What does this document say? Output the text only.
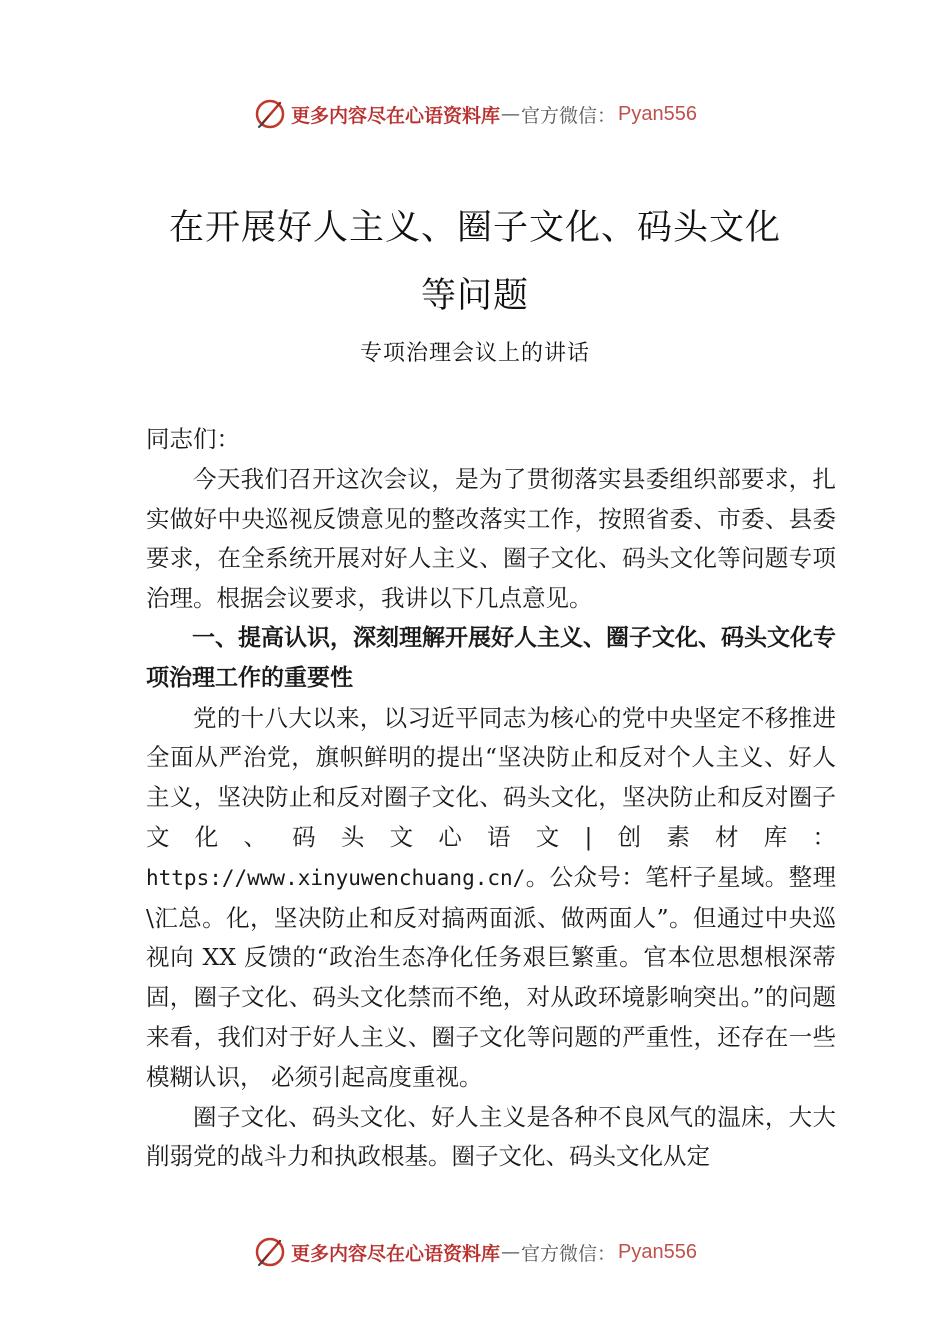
更多内容尽在心语资料库 — 官方微信： Pyan556
在开展好人主义、圈子文化、码头文化
等问题
专项治理会议上的讲话

同志们：

今天我们召开这次会议，是为了贯彻落实县委组织部要求，扎实做好中央巡视反馈意见的整改落实工作，按照省委、市委、县委要求，在全系统开展对好人主义、圈子文化、码头文化等问题专项治理。根据会议要求，我讲以下几点意见。

一、提高认识，深刻理解开展好人主义、圈子文化、码头文化专项治理工作的重要性

党的十八大以来，以习近平同志为核心的党中央坚定不移推进全面从严治党，旗帜鲜明的提出“坚决防止和反对个人主义、好人主义，坚决防止和反对圈子文化、码头文化，坚决防止和反对圈子文化、码头文心语文|创素材库：https://www.xinyuwenchuang.cn/。公众号：笔杆子星域。整理\汇总。化，坚决防止和反对搞两面派、做两面人”。但通过中央巡视向 XX 反馈的“政治生态净化任务艰巨繁重。官本位思想根深蒂固，圈子文化、码头文化禁而不绝，对从政环境影响突出。”的问题来看，我们对于好人主义、圈子文化等问题的严重性，还存在一些模糊认识， 必须引起高度重视。

圈子文化、码头文化、好人主义是各种不良风气的温床，大大削弱党的战斗力和执政根基。圈子文化、码头文化从定

更多内容尽在心语资料库 — 官方微信： Pyan556
